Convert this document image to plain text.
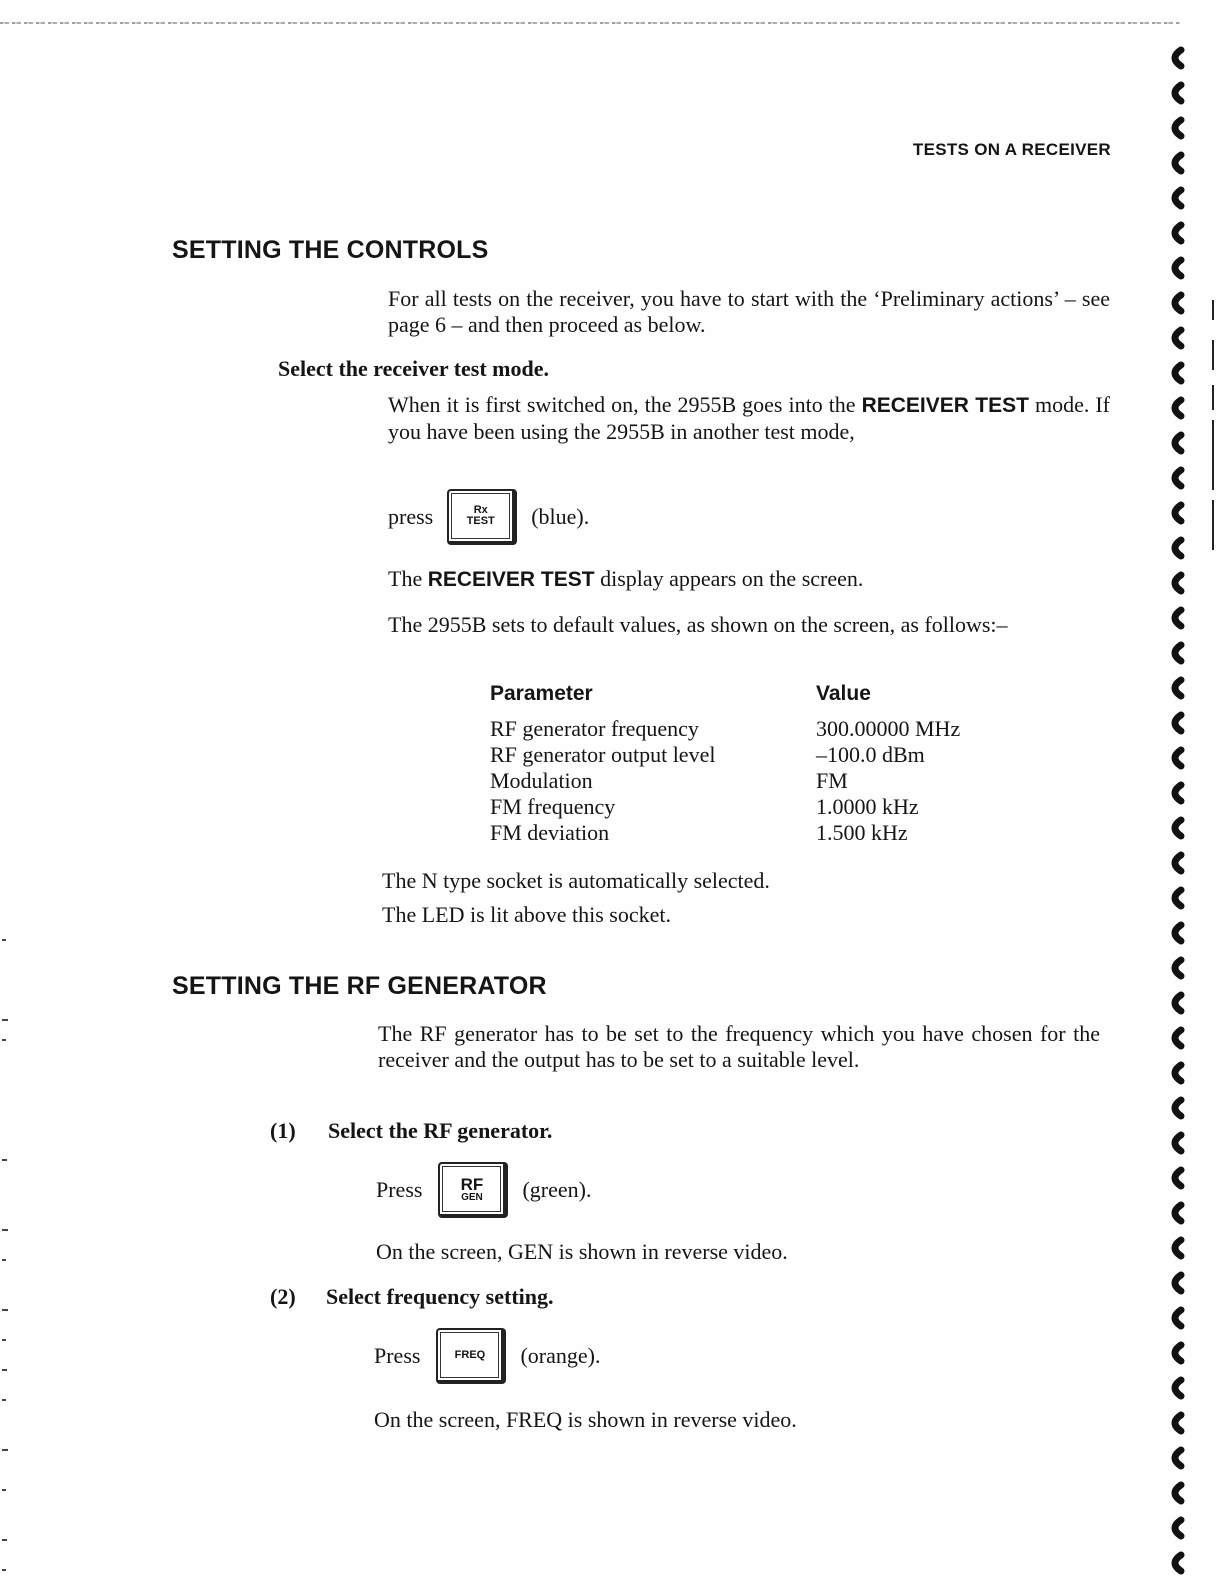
TESTS ON A RECEIVER
SETTING THE CONTROLS
For all tests on the receiver, you have to start with the ‘Preliminary actions’ – see page 6 – and then proceed as below.
Select the receiver test mode.
When it is first switched on, the 2955B goes into the RECEIVER TEST mode. If you have been using the 2955B in another test mode,
press	Rx
TEST (blue).
The RECEIVER TEST display appears on the screen.
The 2955B sets to default values, as shown on the screen, as follows:–
Parameter	Value
RF generator frequency	300.00000 MHz
RF generator output level	–100.0 dBm
Modulation	FM
FM frequency	1.0000 kHz
FM deviation	1.500 kHz
The N type socket is automatically selected.
The LED is lit above this socket.
SETTING THE RF GENERATOR
The RF generator has to be set to the frequency which you have chosen for the receiver and the output has to be set to a suitable level.
(1) Select the RF generator.
Press RF
GEN (green).
On the screen, GEN is shown in reverse video.
(2) Select frequency setting.
Press	FREQ (orange).
On the screen, FREQ is shown in reverse video.
